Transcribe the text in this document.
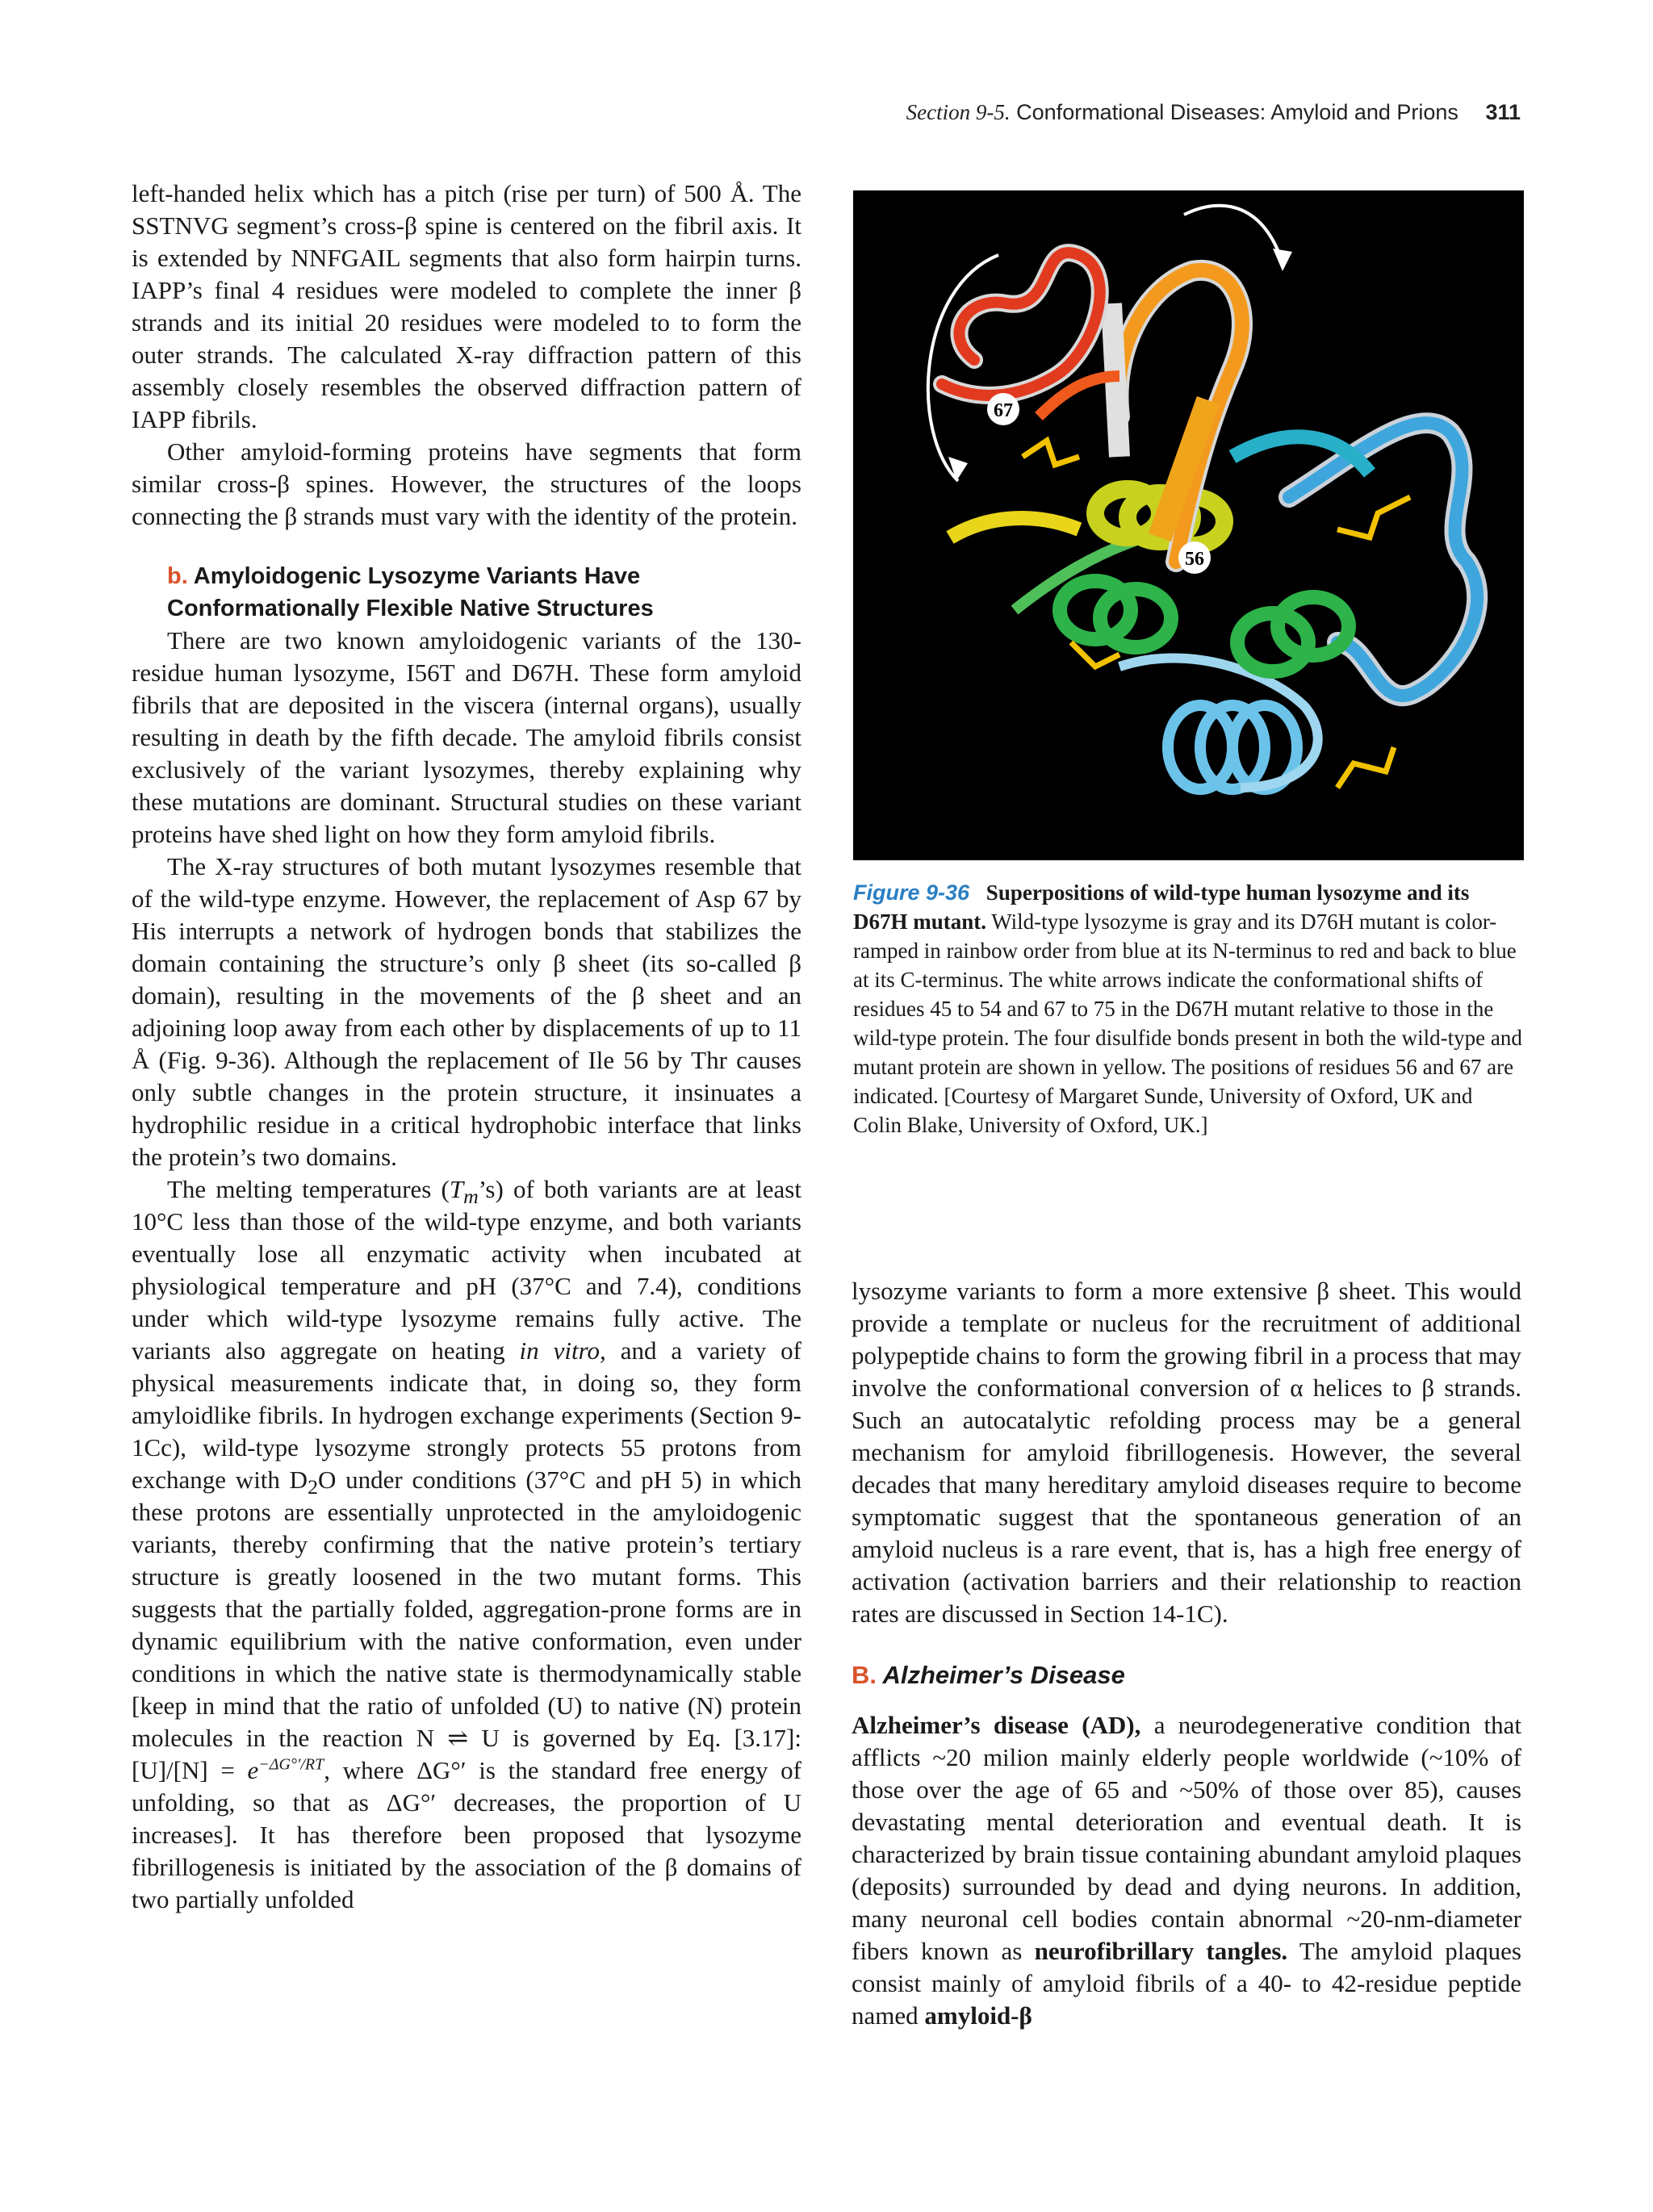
Section 9-5. Conformational Diseases: Amyloid and Prions 311

left-handed helix which has a pitch (rise per turn) of 500 Å. The SSTNVG segment’s cross-β spine is centered on the fibril axis. It is extended by NNFGAIL segments that also form hairpin turns. IAPP’s final 4 residues were modeled to complete the inner β strands and its initial 20 residues were modeled to to form the outer strands. The calculated X-ray diffraction pattern of this assembly closely resembles the observed diffraction pattern of IAPP fibrils.

Other amyloid-forming proteins have segments that form similar cross-β spines. However, the structures of the loops connecting the β strands must vary with the identity of the protein.

b. Amyloidogenic Lysozyme Variants Have Conformationally Flexible Native Structures

There are two known amyloidogenic variants of the 130-residue human lysozyme, I56T and D67H. These form amyloid fibrils that are deposited in the viscera (internal organs), usually resulting in death by the fifth decade. The amyloid fibrils consist exclusively of the variant lysozymes, thereby explaining why these mutations are dominant. Structural studies on these variant proteins have shed light on how they form amyloid fibrils.

The X-ray structures of both mutant lysozymes resemble that of the wild-type enzyme. However, the replacement of Asp 67 by His interrupts a network of hydrogen bonds that stabilizes the domain containing the structure’s only β sheet (its so-called β domain), resulting in the movements of the β sheet and an adjoining loop away from each other by displacements of up to 11 Å (Fig. 9-36). Although the replacement of Ile 56 by Thr causes only subtle changes in the protein structure, it insinuates a hydrophilic residue in a critical hydrophobic interface that links the protein’s two domains.

The melting temperatures $(T_m’s)$ of both variants are at least 10°C less than those of the wild-type enzyme, and both variants eventually lose all enzymatic activity when incubated at physiological temperature and pH (37°C and 7.4), conditions under which wild-type lysozyme remains fully active. The variants also aggregate on heating in vitro, and a variety of physical measurements indicate that, in doing so, they form amyloidlike fibrils. In hydrogen exchange experiments (Section 9-1Cc), wild-type lysozyme strongly protects 55 protons from exchange with $D_2O$ under conditions (37°C and pH 5) in which these protons are essentially unprotected in the amyloidogenic variants, thereby confirming that the native protein’s tertiary structure is greatly loosened in the two mutant forms. This suggests that the partially folded, aggregation-prone forms are in dynamic equilibrium with the native conformation, even under conditions in which the native state is thermodynamically stable [keep in mind that the ratio of unfolded (U) to native (N) protein molecules in the reaction N ⇌ U is governed by Eq. [3.17]: $[U]/[N] = e^{-\Delta G^\circ'/RT}$, where ΔG°′ is the standard free energy of unfolding, so that as ΔG°′ decreases, the proportion of U increases]. It has therefore been proposed that lysozyme fibrillogenesis is initiated by the association of the β domains of two partially unfolded

67
56
Figure 9-36 Superpositions of wild-type human lysozyme and its D67H mutant. Wild-type lysozyme is gray and its D76H mutant is color-ramped in rainbow order from blue at its N-terminus to red and back to blue at its C-terminus. The white arrows indicate the conformational shifts of residues 45 to 54 and 67 to 75 in the D67H mutant relative to those in the wild-type protein. The four disulfide bonds present in both the wild-type and mutant protein are shown in yellow. The positions of residues 56 and 67 are indicated. [Courtesy of Margaret Sunde, University of Oxford, UK and Colin Blake, University of Oxford, UK.]

lysozyme variants to form a more extensive β sheet. This would provide a template or nucleus for the recruitment of additional polypeptide chains to form the growing fibril in a process that may involve the conformational conversion of α helices to β strands. Such an autocatalytic refolding process may be a general mechanism for amyloid fibrillogenesis. However, the several decades that many hereditary amyloid diseases require to become symptomatic suggest that the spontaneous generation of an amyloid nucleus is a rare event, that is, has a high free energy of activation (activation barriers and their relationship to reaction rates are discussed in Section 14-1C).

B. Alzheimer’s Disease

Alzheimer’s disease (AD), a neurodegenerative condition that afflicts ~20 milion mainly elderly people worldwide (~10% of those over the age of 65 and ~50% of those over 85), causes devastating mental deterioration and eventual death. It is characterized by brain tissue containing abundant amyloid plaques (deposits) surrounded by dead and dying neurons. In addition, many neuronal cell bodies contain abnormal ~20-nm-diameter fibers known as neurofibrillary tangles. The amyloid plaques consist mainly of amyloid fibrils of a 40- to 42-residue peptide named amyloid-β
